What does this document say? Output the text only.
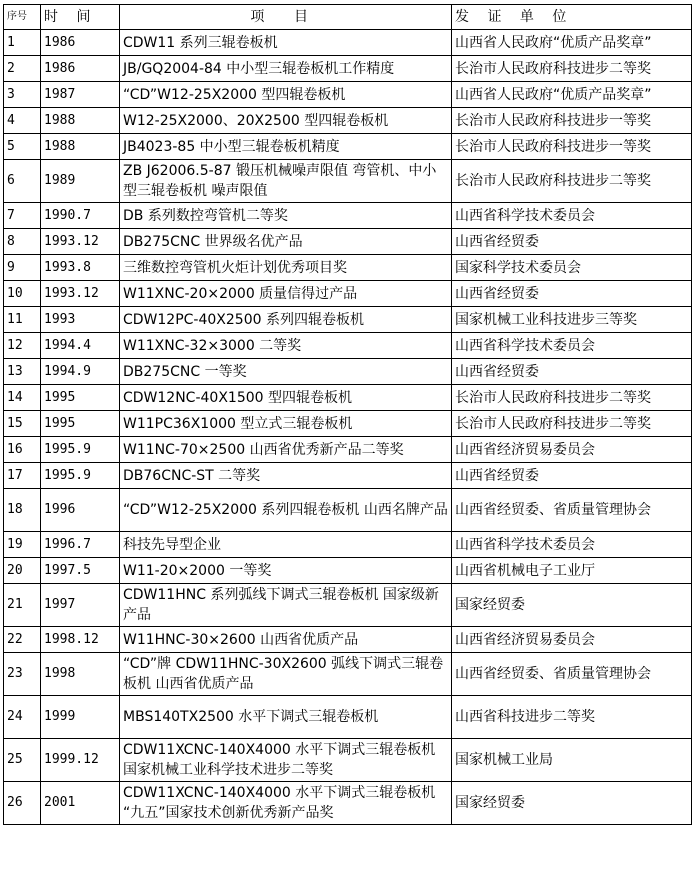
序号	时 间	项 目	发 证 单 位
1	1986	CDW11 系列三辊卷板机	山西省人民政府“优质产品奖章”
2	1986	JB/GQ2004-84 中小型三辊卷板机工作精度	长治市人民政府科技进步二等奖
3	1987	“CD”W12-25X2000 型四辊卷板机	山西省人民政府“优质产品奖章”
4	1988	W12-25X2000、20X2500 型四辊卷板机	长治市人民政府科技进步一等奖
5	1988	JB4023-85 中小型三辊卷板机精度	长治市人民政府科技进步一等奖
6	1989	ZB J62006.5-87 锻压机械噪声限值 弯管机、中小型三辊卷板机 噪声限值	长治市人民政府科技进步二等奖
7	1990.7	DB 系列数控弯管机二等奖	山西省科学技术委员会
8	1993.12	DB275CNC 世界级名优产品	山西省经贸委
9	1993.8	三维数控弯管机火炬计划优秀项目奖	国家科学技术委员会
10	1993.12	W11XNC-20×2000 质量信得过产品	山西省经贸委
11	1993	CDW12PC-40X2500 系列四辊卷板机	国家机械工业科技进步三等奖
12	1994.4	W11XNC-32×3000 二等奖	山西省科学技术委员会
13	1994.9	DB275CNC 一等奖	山西省经贸委
14	1995	CDW12NC-40X1500 型四辊卷板机	长治市人民政府科技进步二等奖
15	1995	W11PC36X1000 型立式三辊卷板机	长治市人民政府科技进步二等奖
16	1995.9	W11NC-70×2500 山西省优秀新产品二等奖	山西省经济贸易委员会
17	1995.9	DB76CNC-ST 二等奖	山西省经贸委
18	1996	“CD”W12-25X2000 系列四辊卷板机 山西名牌产品	山西省经贸委、省质量管理协会
19	1996.7	科技先导型企业	山西省科学技术委员会
20	1997.5	W11-20×2000 一等奖	山西省机械电子工业厅
21	1997	CDW11HNC 系列弧线下调式三辊卷板机 国家级新产品	国家经贸委
22	1998.12	W11HNC-30×2600 山西省优质产品	山西省经济贸易委员会
23	1998	“CD”牌 CDW11HNC-30X2600 弧线下调式三辊卷板机 山西省优质产品	山西省经贸委、省质量管理协会
24	1999	MBS140TX2500 水平下调式三辊卷板机	山西省科技进步二等奖
25	1999.12	CDW11XCNC-140X4000 水平下调式三辊卷板机 国家机械工业科学技术进步二等奖	国家机械工业局
26	2001	CDW11XCNC-140X4000 水平下调式三辊卷板机 “九五”国家技术创新优秀新产品奖	国家经贸委
